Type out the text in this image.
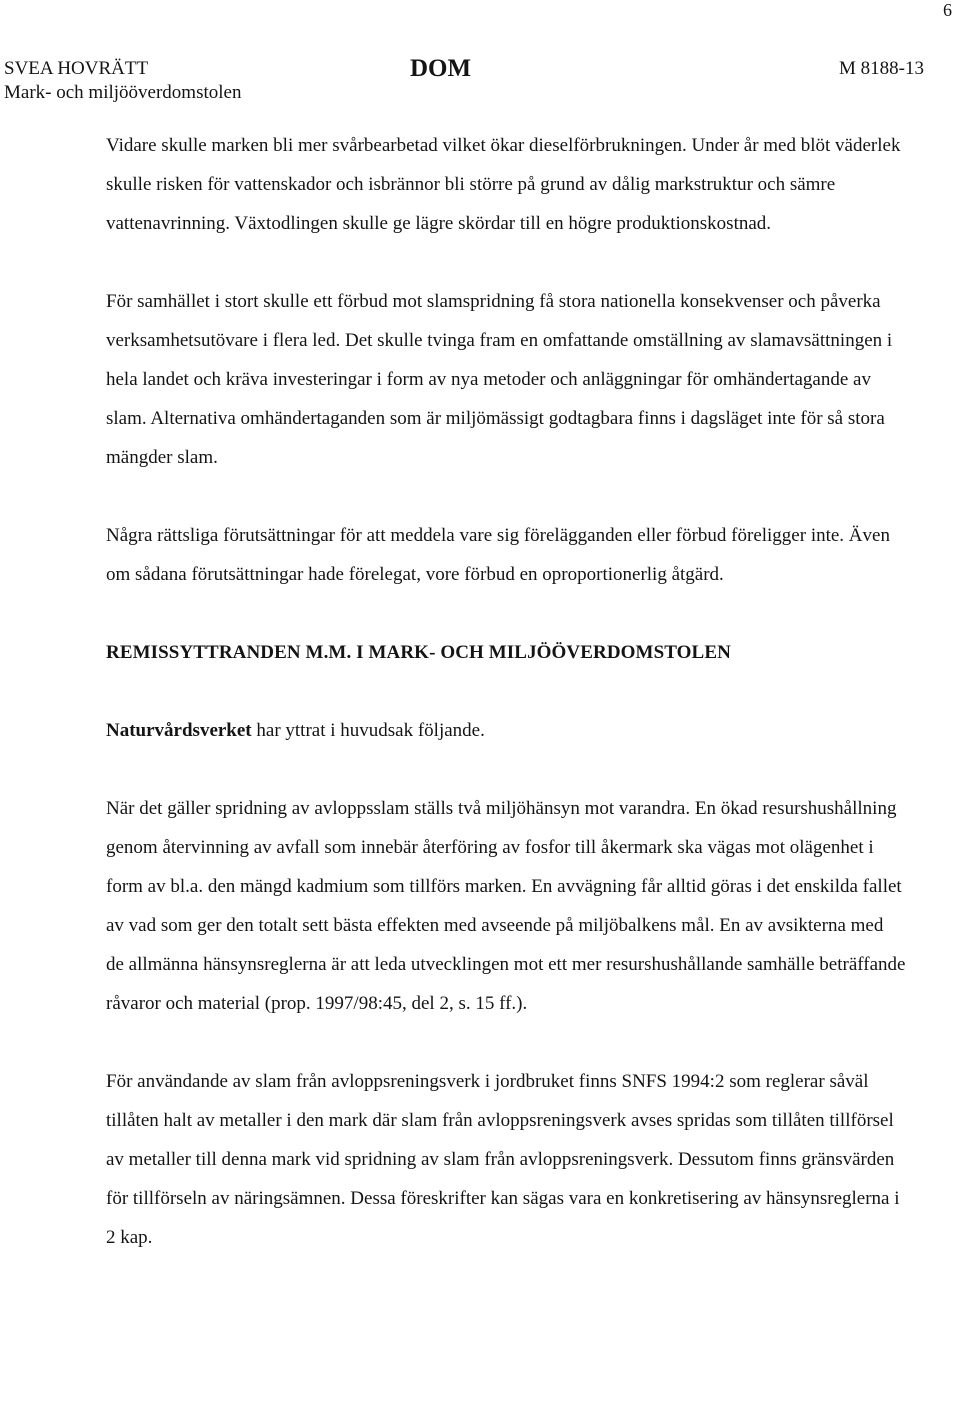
6
SVEA HOVRÄTT
Mark- och miljööverdomstolen
DOM	M 8188-13

Vidare skulle marken bli mer svårbearbetad vilket ökar dieselförbrukningen. Under år med blöt väderlek skulle risken för vattenskador och isbrännor bli större på grund av dålig markstruktur och sämre vattenavrinning. Växtodlingen skulle ge lägre skördar till en högre produktionskostnad.

För samhället i stort skulle ett förbud mot slamspridning få stora nationella konsekvenser och påverka verksamhetsutövare i flera led. Det skulle tvinga fram en omfattande omställning av slamavsättningen i hela landet och kräva investeringar i form av nya metoder och anläggningar för omhändertagande av slam. Alternativa omhändertaganden som är miljömässigt godtagbara finns i dagsläget inte för så stora mängder slam.

Några rättsliga förutsättningar för att meddela vare sig förelägganden eller förbud föreligger inte. Även om sådana förutsättningar hade förelegat, vore förbud en oproportionerlig åtgärd.

REMISSYTTRANDEN M.M. I MARK- OCH MILJÖÖVERDOMSTOLEN

Naturvårdsverket har yttrat i huvudsak följande.

När det gäller spridning av avloppsslam ställs två miljöhänsyn mot varandra. En ökad resurshushållning genom återvinning av avfall som innebär återföring av fosfor till åkermark ska vägas mot olägenhet i form av bl.a. den mängd kadmium som tillförs marken. En avvägning får alltid göras i det enskilda fallet av vad som ger den totalt sett bästa effekten med avseende på miljöbalkens mål. En av avsikterna med de allmänna hänsynsreglerna är att leda utvecklingen mot ett mer resurshushållande samhälle beträffande råvaror och material (prop. 1997/98:45, del 2, s. 15 ff.).

För användande av slam från avloppsreningsverk i jordbruket finns SNFS 1994:2 som reglerar såväl tillåten halt av metaller i den mark där slam från avloppsreningsverk avses spridas som tillåten tillförsel av metaller till denna mark vid spridning av slam från avloppsreningsverk. Dessutom finns gränsvärden för tillförseln av näringsämnen. Dessa föreskrifter kan sägas vara en konkretisering av hänsynsreglerna i 2 kap.
